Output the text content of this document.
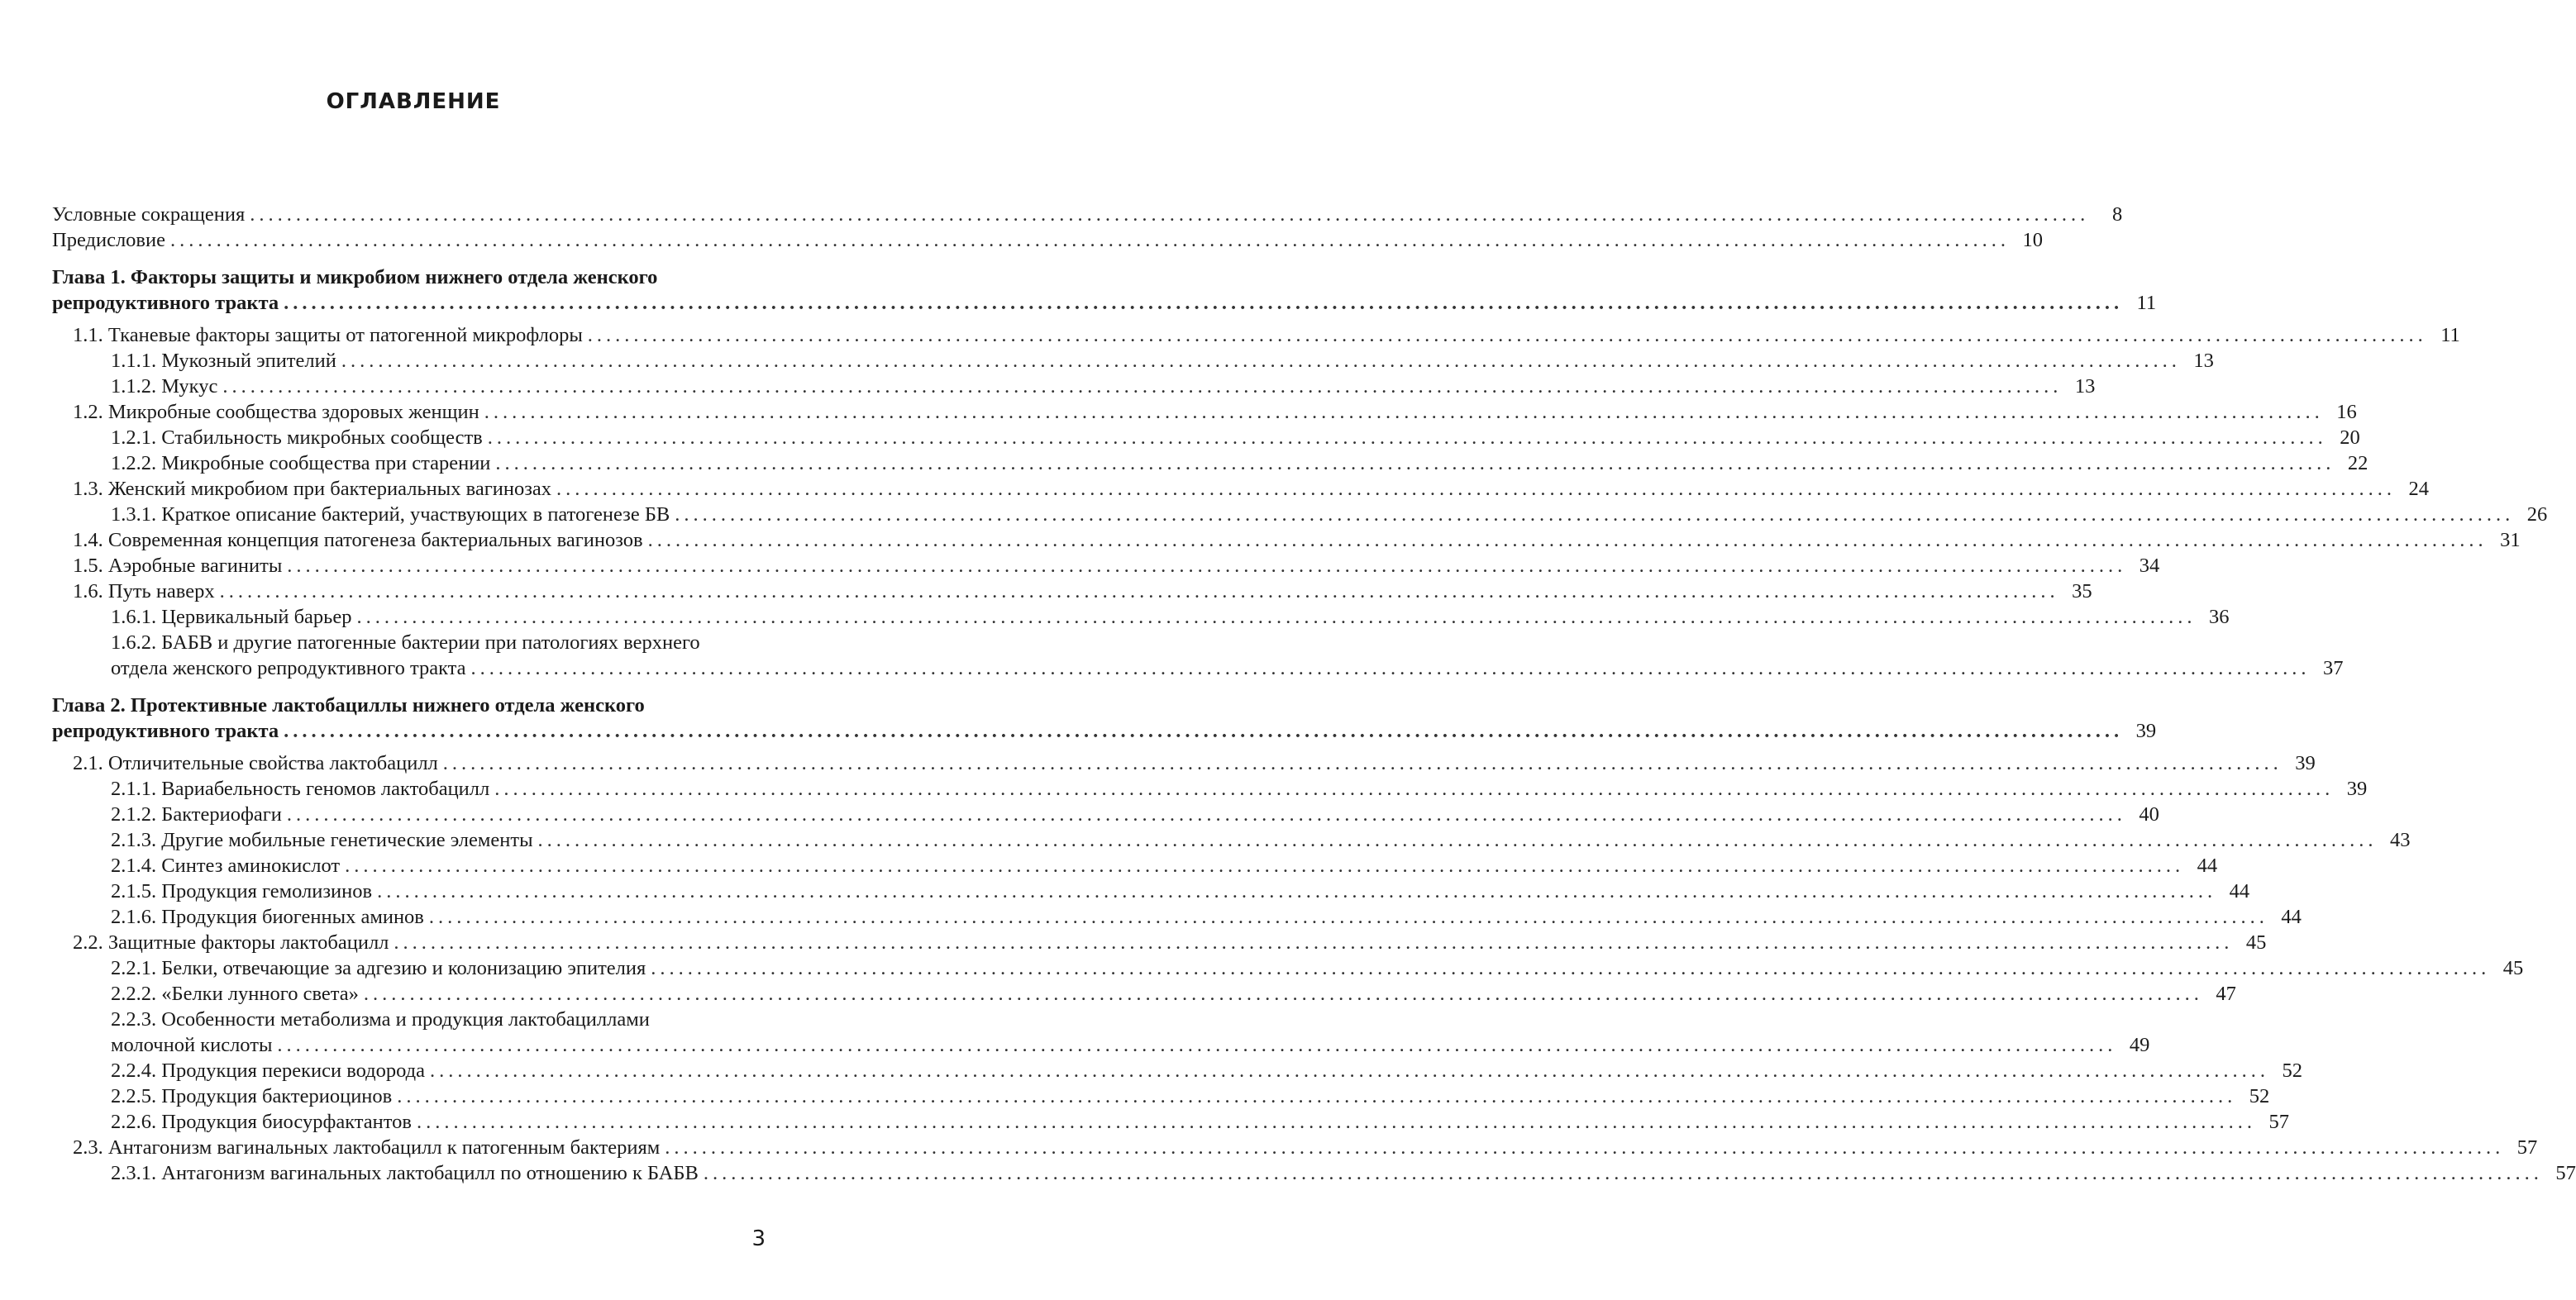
ОГЛАВЛЕНИЕ
Условные сокращения ........................................................................................................................................................................................................	8
Предисловие ........................................................................................................................................................................................................ 10
Глава 1. Факторы защиты и микробиом нижнего отдела женского
репродуктивного тракта ........................................................................................................................................................................................................ 11
1.1. Тканевые факторы защиты от патогенной микрофлоры ........................................................................................................................................................................................................ 11
1.1.1. Мукозный эпителий ........................................................................................................................................................................................................ 13
1.1.2. Мукус ........................................................................................................................................................................................................ 13
1.2. Микробные сообщества здоровых женщин ........................................................................................................................................................................................................ 16
1.2.1. Стабильность микробных сообществ ........................................................................................................................................................................................................ 20
1.2.2. Микробные сообщества при старении ........................................................................................................................................................................................................ 22
1.3. Женский микробиом при бактериальных вагинозах ........................................................................................................................................................................................................ 24
1.3.1. Краткое описание бактерий, участвующих в патогенезе БВ ........................................................................................................................................................................................................ 26
1.4. Современная концепция патогенеза бактериальных вагинозов ........................................................................................................................................................................................................ 31
1.5. Аэробные вагиниты ........................................................................................................................................................................................................ 34
1.6. Путь наверх ........................................................................................................................................................................................................ 35
1.6.1. Цервикальный барьер ........................................................................................................................................................................................................ 36
1.6.2. БАБВ и другие патогенные бактерии при патологиях верхнего
отдела женского репродуктивного тракта ........................................................................................................................................................................................................ 37
Глава 2. Протективные лактобациллы нижнего отдела женского
репродуктивного тракта ........................................................................................................................................................................................................ 39
2.1. Отличительные свойства лактобацилл ........................................................................................................................................................................................................ 39
2.1.1. Вариабельность геномов лактобацилл ........................................................................................................................................................................................................ 39
2.1.2. Бактериофаги ........................................................................................................................................................................................................ 40
2.1.3. Другие мобильные генетические элементы ........................................................................................................................................................................................................ 43
2.1.4. Синтез аминокислот ........................................................................................................................................................................................................ 44
2.1.5. Продукция гемолизинов ........................................................................................................................................................................................................ 44
2.1.6. Продукция биогенных аминов ........................................................................................................................................................................................................ 44
2.2. Защитные факторы лактобацилл ........................................................................................................................................................................................................ 45
2.2.1. Белки, отвечающие за адгезию и колонизацию эпителия ........................................................................................................................................................................................................ 45
2.2.2. «Белки лунного света» ........................................................................................................................................................................................................ 47
2.2.3. Особенности метаболизма и продукция лактобациллами
молочной кислоты ........................................................................................................................................................................................................ 49
2.2.4. Продукция перекиси водорода ........................................................................................................................................................................................................ 52
2.2.5. Продукция бактериоцинов ........................................................................................................................................................................................................ 52
2.2.6. Продукция биосурфактантов ........................................................................................................................................................................................................ 57
2.3. Антагонизм вагинальных лактобацилл к патогенным бактериям ........................................................................................................................................................................................................ 57
2.3.1. Антагонизм вагинальных лактобацилл по отношению к БАБВ ........................................................................................................................................................................................................ 57
3
